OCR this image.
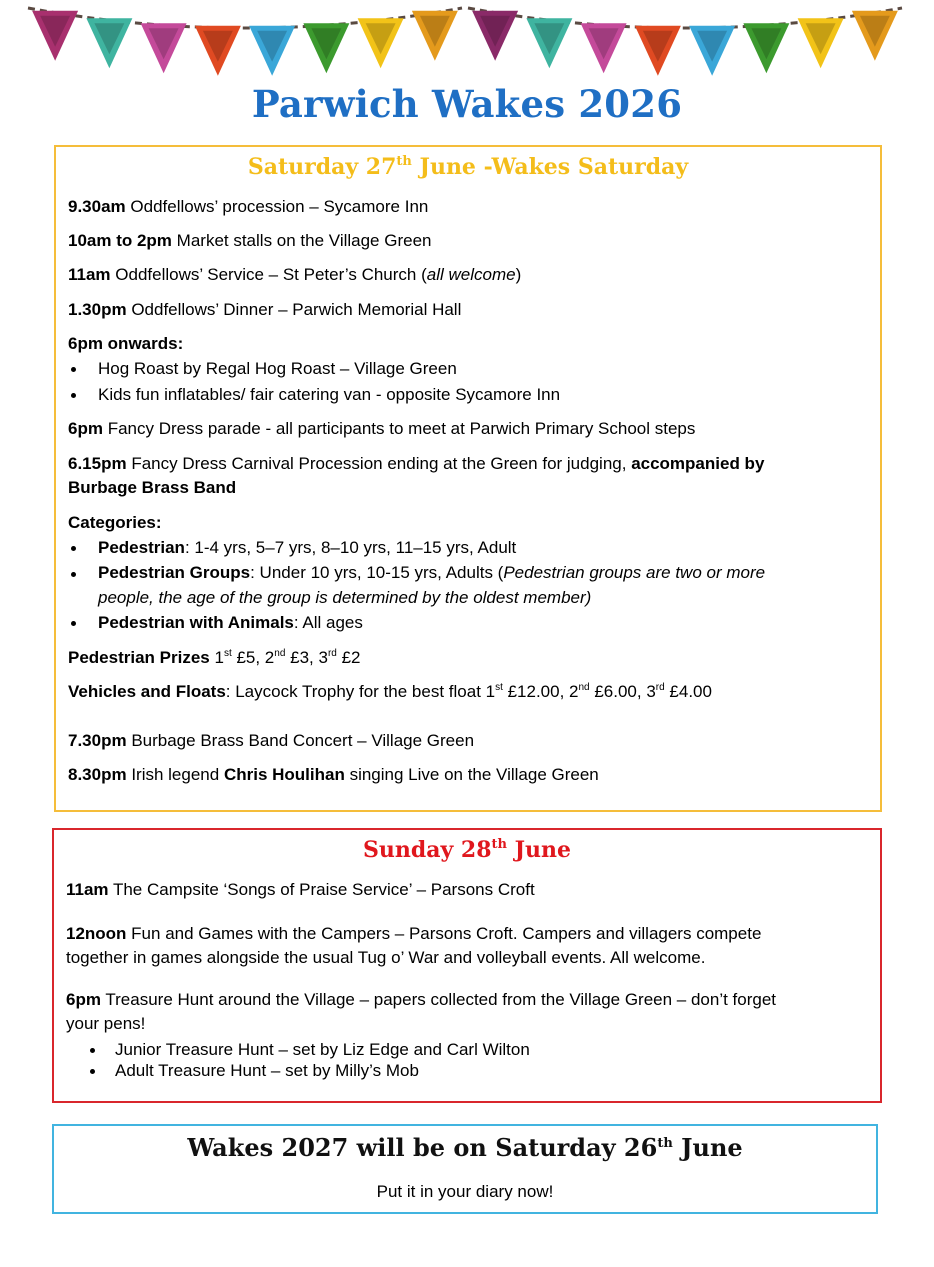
Parwich Wakes 2026
Saturday 27th June -Wakes Saturday

9.30am Oddfellows’ procession – Sycamore Inn

10am to 2pm Market stalls on the Village Green

11am Oddfellows’ Service – St Peter’s Church (all welcome)

1.30pm Oddfellows’ Dinner – Parwich Memorial Hall

6pm onwards:

Hog Roast by Regal Hog Roast – Village Green

Kids fun inflatables/ fair catering van - opposite Sycamore Inn

6pm Fancy Dress parade - all participants to meet at Parwich Primary School steps

6.15pm Fancy Dress Carnival Procession ending at the Green for judging, accompanied by

Burbage Brass Band

Categories:

Pedestrian: 1-4 yrs, 5–7 yrs, 8–10 yrs, 11–15 yrs, Adult

Pedestrian Groups: Under 10 yrs, 10-15 yrs, Adults (Pedestrian groups are two or more

people, the age of the group is determined by the oldest member)

Pedestrian with Animals: All ages

Pedestrian Prizes 1st £5, 2nd £3, 3rd £2

Vehicles and Floats: Laycock Trophy for the best float 1st £12.00, 2nd £6.00, 3rd £4.00

7.30pm Burbage Brass Band Concert – Village Green

8.30pm Irish legend Chris Houlihan singing Live on the Village Green

Sunday 28th June

11am The Campsite ‘Songs of Praise Service’ – Parsons Croft

12noon Fun and Games with the Campers – Parsons Croft. Campers and villagers compete

together in games alongside the usual Tug o’ War and volleyball events. All welcome.

6pm Treasure Hunt around the Village – papers collected from the Village Green – don’t forget

your pens!

Junior Treasure Hunt – set by Liz Edge and Carl Wilton

Adult Treasure Hunt – set by Milly’s Mob

Wakes 2027 will be on Saturday 26th June

Put it in your diary now!
